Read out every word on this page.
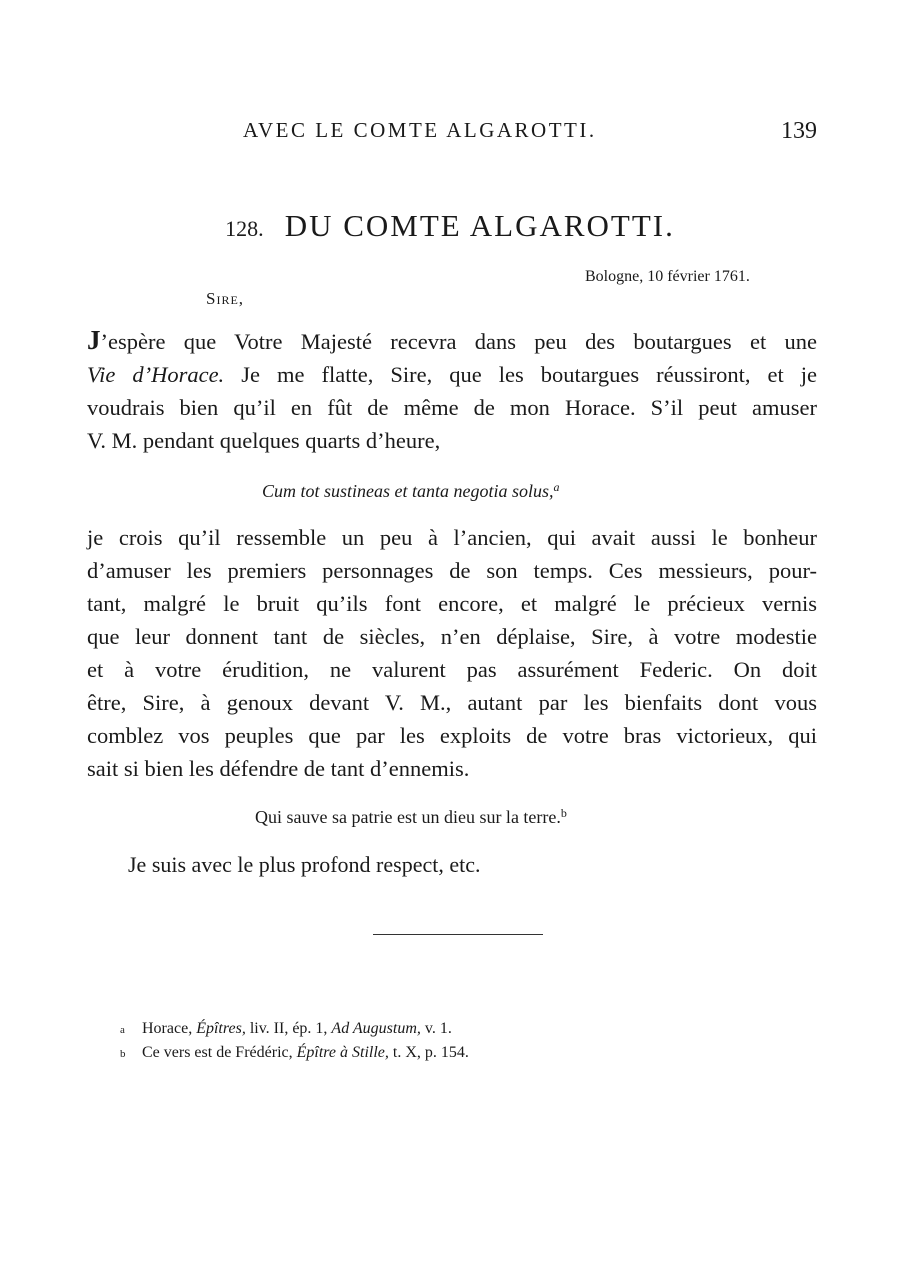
AVEC LE COMTE ALGAROTTI.	139
128. DU COMTE ALGAROTTI.
Bologne, 10 février 1761.
Sire,
J’espère que Votre Majesté recevra dans peu des boutargues et une
Vie d’Horace. Je me flatte, Sire, que les boutargues réussiront, et je
voudrais bien qu’il en fût de même de mon Horace. S’il peut amuser
V. M. pendant quelques quarts d’heure,
Cum tot sustineas et tanta negotia solus,$^a$
je crois qu’il ressemble un peu à l’ancien, qui avait aussi le bonheur
d’amuser les premiers personnages de son temps. Ces messieurs, pour-
tant, malgré le bruit qu’ils font encore, et malgré le précieux vernis
que leur donnent tant de siècles, n’en déplaise, Sire, à votre modestie
et à votre érudition, ne valurent pas assurément Federic. On doit
être, Sire, à genoux devant V. M., autant par les bienfaits dont vous
comblez vos peuples que par les exploits de votre bras victorieux, qui
sait si bien les défendre de tant d’ennemis.
Qui sauve sa patrie est un dieu sur la terre.$^b$
Je suis avec le plus profond respect, etc.
a Horace, Épîtres, liv. II, ép. 1, Ad Augustum, v. 1.
b Ce vers est de Frédéric, Épître à Stille, t. X, p. 154.
